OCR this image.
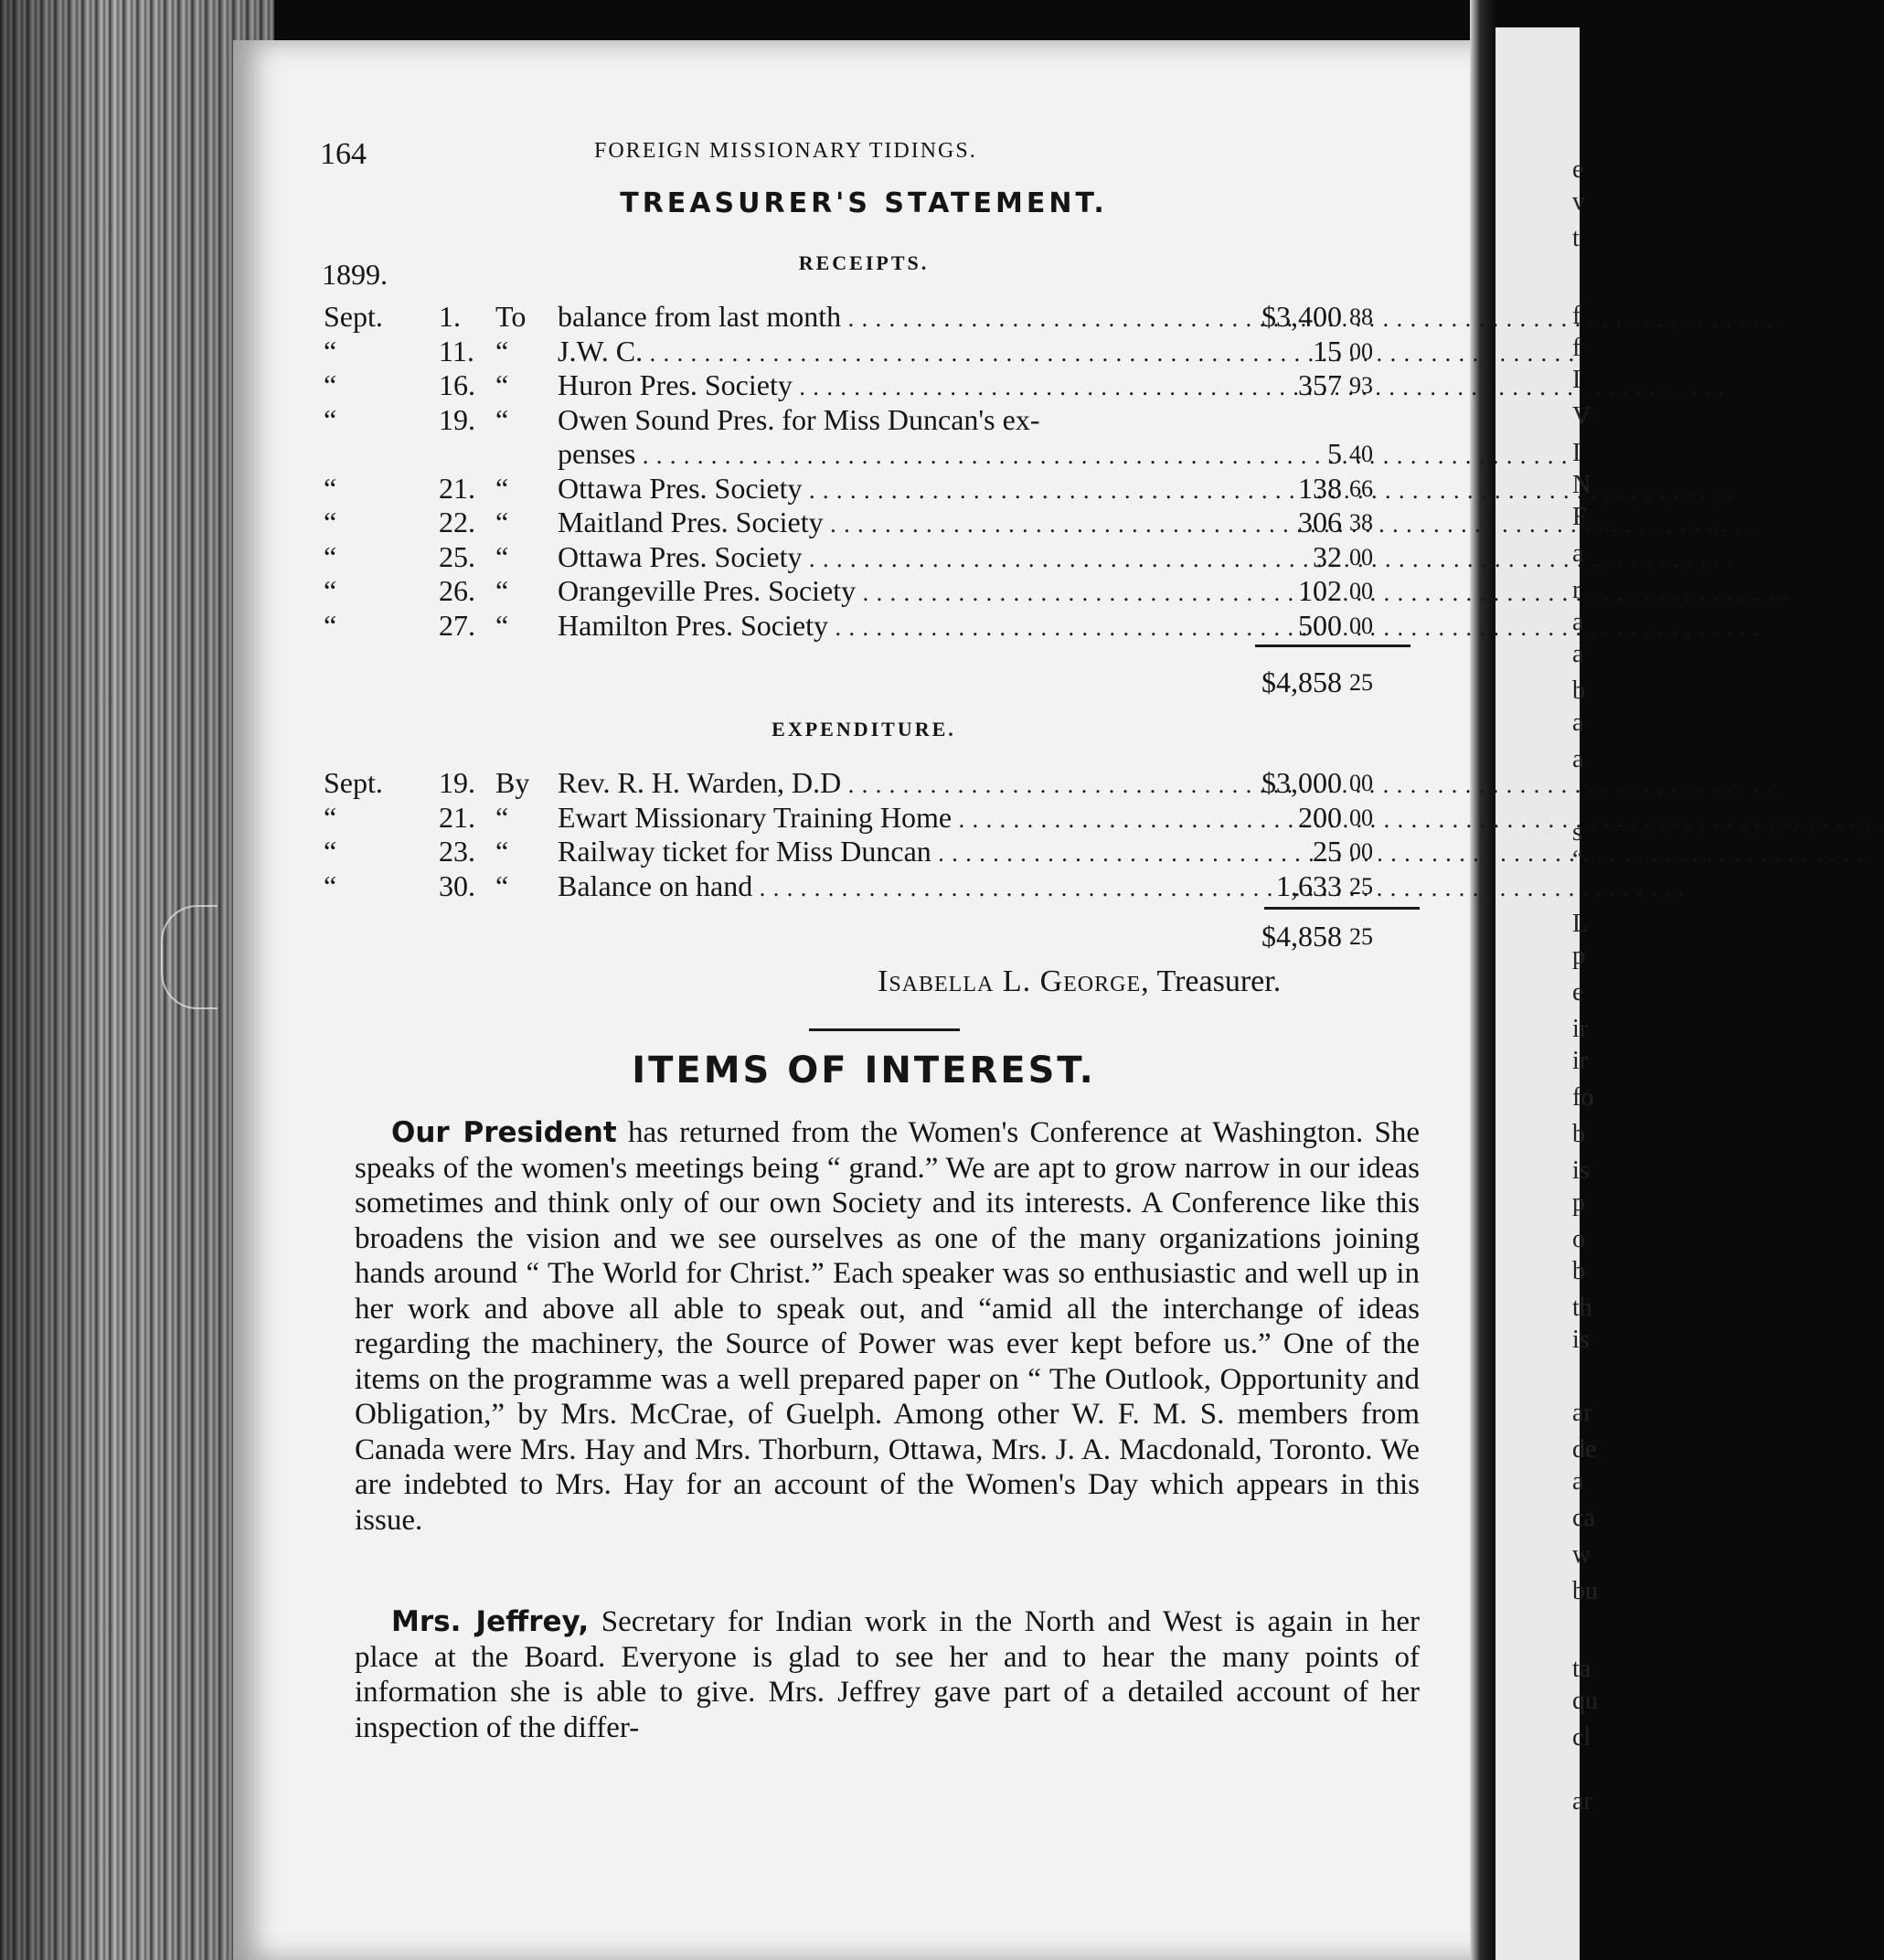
e
v
t
f
f
I
V
I
N
F
a
r
a
a
b
a
a
s
“
L
p
e
ir
ir
fo
b
is
p
o
b
th
is
ar
de
a
ca
w
bu
ta
qu
cl
ar
164	FOREIGN MISSIONARY TIDINGS.
TREASURER'S STATEMENT.
1899.	RECEIPTS.
Sept. 1. To balance from last month . . .	$3,400 88
“	11. “ J.W. C. . . .	15 00
“	16. “ Huron Pres. Society . . .	357 93
“	19. “ Owen Sound Pres. for Miss Duncan's ex-
penses . . .	5 40
“	21. “ Ottawa Pres. Society . . .	138 66
“	22. “ Maitland Pres. Society . . .	306 38
“	25. “ Ottawa Pres. Society . . .	32 00
“	26. “ Orangeville Pres. Society . . .	102 00
“	27. “ Hamilton Pres. Society . . .	500 00
$4,858 25
EXPENDITURE.
Sept. 19. By Rev. R. H. Warden, D.D . . .	$3,000 00
“	21. “ Ewart Missionary Training Home . . .	200 00
“	23. “ Railway ticket for Miss Duncan . . .	25 00
“	30. “ Balance on hand . . .	1,633 25
$4,858 25
Isabella L. George, Treasurer.
ITEMS OF INTEREST.
Our President has returned from the Women's Conference at Washington. She speaks of the women's meetings being “ grand.” We are apt to grow narrow in our ideas sometimes and think only of our own Society and its interests. A Conference like this broadens the vision and we see ourselves as one of the many organizations joining hands around “ The World for Christ.” Each speaker was so enthusiastic and well up in her work and above all able to speak out, and “amid all the interchange of ideas regarding the machinery, the Source of Power was ever kept before us.” One of the items on the programme was a well prepared paper on “ The Outlook, Opportunity and Obligation,” by Mrs. McCrae, of Guelph. Among other W. F. M. S. members from Canada were Mrs. Hay and Mrs. Thorburn, Ottawa, Mrs. J. A. Macdonald, Toronto. We are indebted to Mrs. Hay for an account of the Women's Day which appears in this issue.
Mrs. Jeffrey, Secretary for Indian work in the North and West is again in her place at the Board. Everyone is glad to see her and to hear the many points of information she is able to give. Mrs. Jeffrey gave part of a detailed account of her inspection of the differ-
